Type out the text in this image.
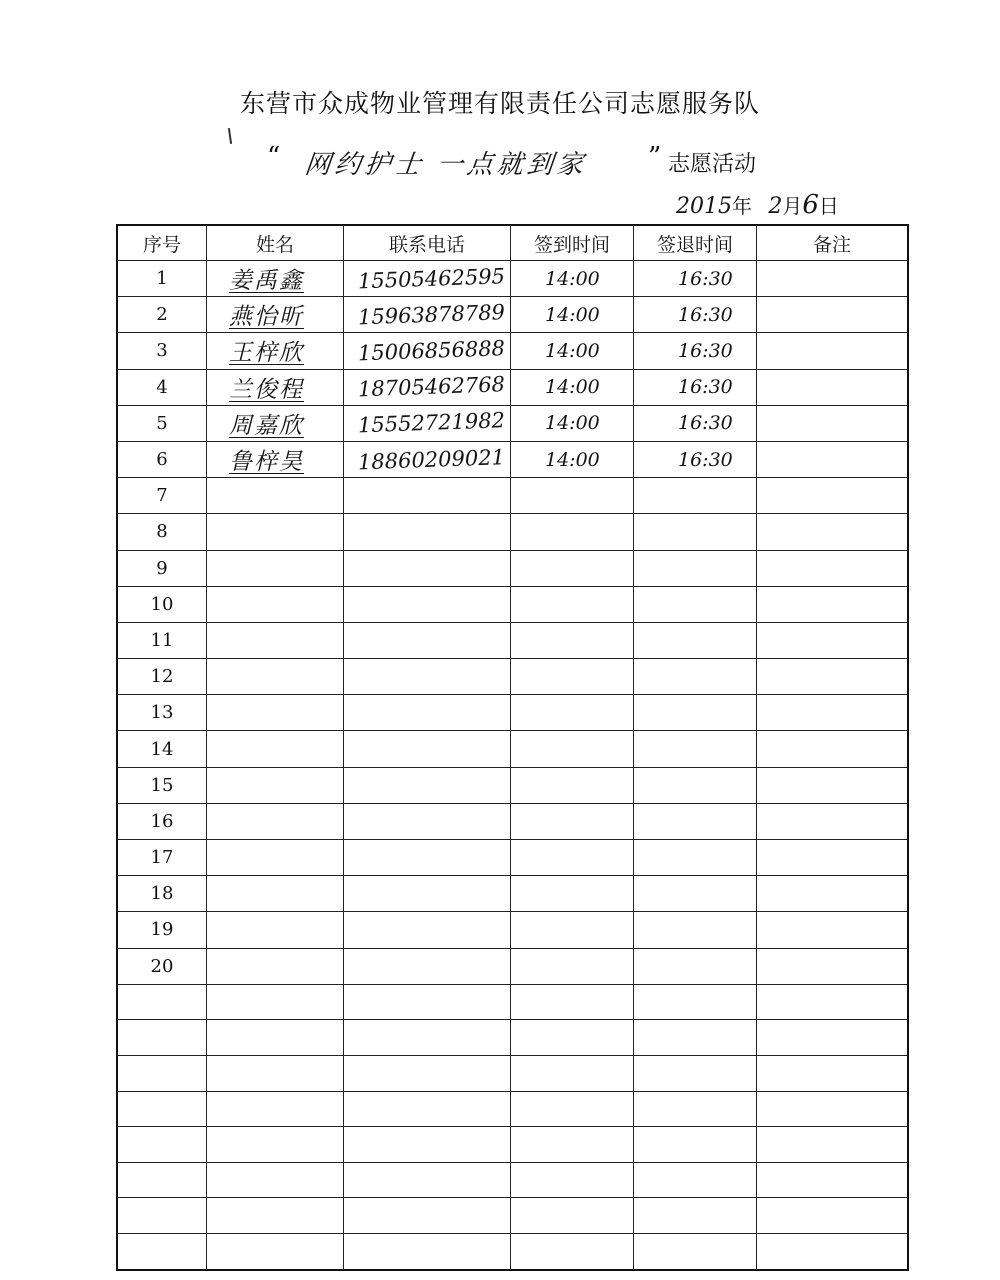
东营市众成物业管理有限责任公司志愿服务队
“ 网约护士 一点就到家 ” 志愿活动
2015年 2月6日
序号	姓名	联系电话	签到时间	签退时间	备注
1	姜禹鑫	15505462595	14:00	16:30	
2	燕怡昕	15963878789	14:00	16:30	
3	王梓欣	15006856888	14:00	16:30	
4	兰俊程	18705462768	14:00	16:30	
5	周嘉欣	15552721982	14:00	16:30	
6	鲁梓昊	18860209021	14:00	16:30	
7					
8					
9					
10					
11					
12					
13					
14					
15					
16					
17					
18					
19					
20					
